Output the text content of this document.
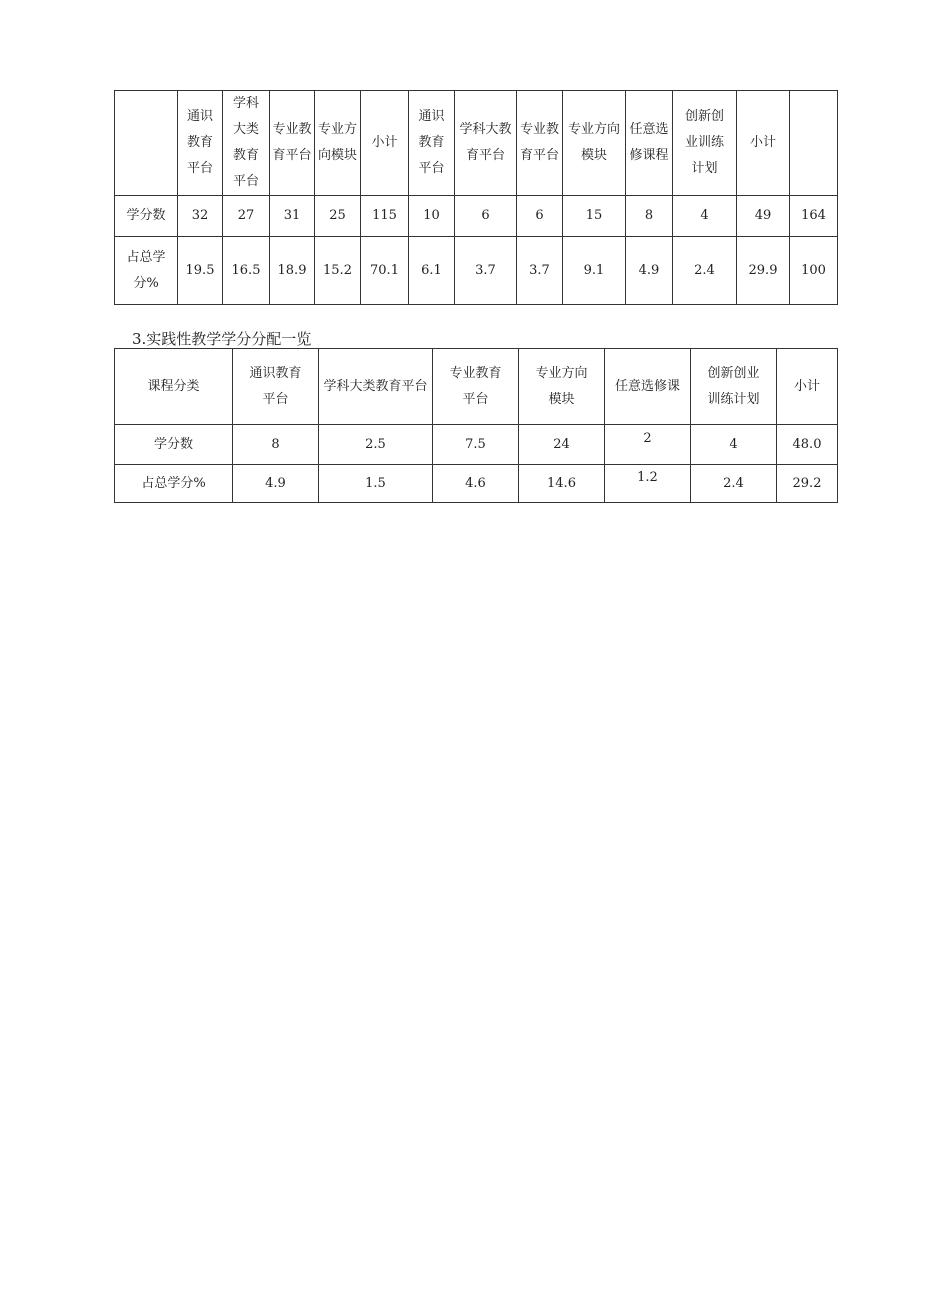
	通识教育平台	学科大类教育平台	专业教育平台	专业方向模块	小计	通识教育平台	学科大教育平台	专业教育平台	专业方向模块	任意选修课程	创新创业训练计划	小计	

学分数	32	27	31	25	115	10	6	6	15	8	4	49	164

占总学分%	19.5	16.5	18.9	15.2	70.1	6.1	3.7	3.7	9.1	4.9	2.4	29.9	100
3.实践性教学学分分配一览
课程分类	通识教育平台	学科大类教育平台	专业教育平台	专业方向模块	任意选修课	创新创业训练计划	小计

学分数	8	2.5	7.5	24	2	4	48.0
占总学分%	4.9	1.5	4.6	14.6	1.2	2.4	29.2
